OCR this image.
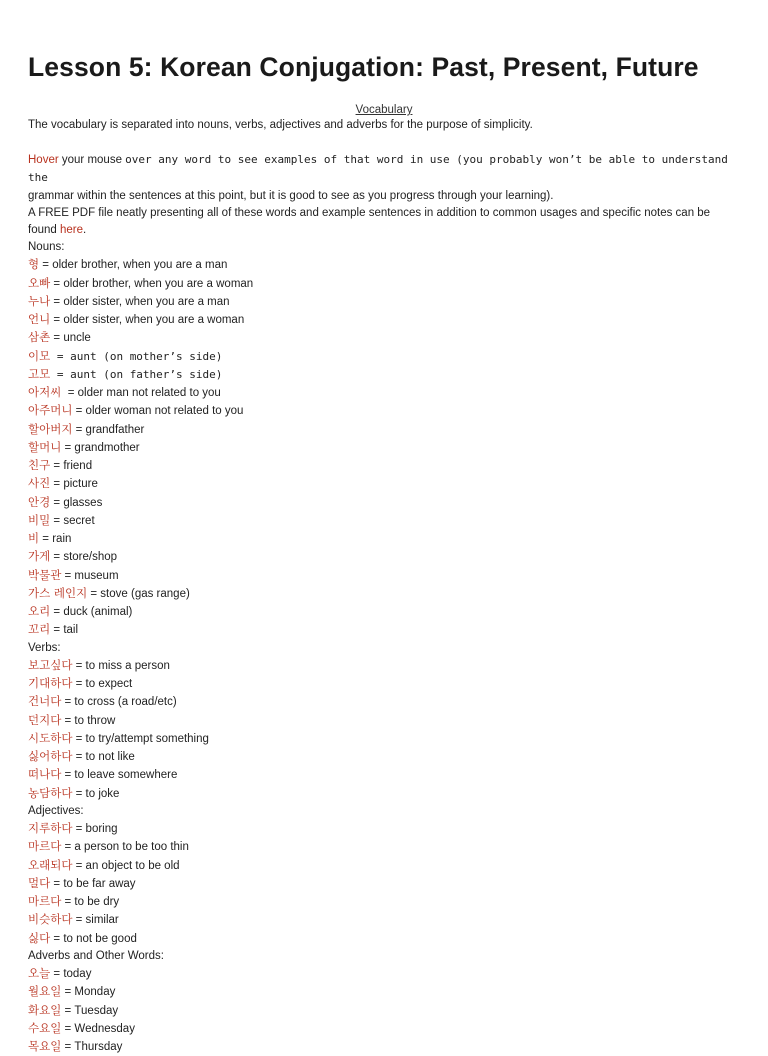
Lesson 5: Korean Conjugation: Past, Present, Future
Vocabulary
The vocabulary is separated into nouns, verbs, adjectives and adverbs for the purpose of simplicity.
Hover your mouse over any word to see examples of that word in use (you probably won’t be able to understand the
grammar within the sentences at this point, but it is good to see as you progress through your learning).
A FREE PDF file neatly presenting all of these words and example sentences in addition to common usages and specific notes can be found here.
Nouns:
형 = older brother, when you are a man
오빠 = older brother, when you are a woman
누나 = older sister, when you are a man
언니 = older sister, when you are a woman
삼촌 = uncle
이모 = aunt (on mother’s side)
고모 = aunt (on father’s side)
아저씨  = older man not related to you
아주머니 = older woman not related to you
할아버지 = grandfather
할머니 = grandmother
친구 = friend
사진 = picture
안경 = glasses
비밀 = secret
비 = rain
가게 = store/shop
박물관 = museum
가스 레인지 = stove (gas range)
오리 = duck (animal)
꼬리 = tail
Verbs:
보고싶다 = to miss a person
기대하다 = to expect
건너다 = to cross (a road/etc)
던지다 = to throw
시도하다 = to try/attempt something
싫어하다 = to not like
떠나다 = to leave somewhere
농담하다 = to joke
Adjectives:
지루하다 = boring
마르다 = a person to be too thin
오래되다 = an object to be old
멀다 = to be far away
마르다 = to be dry
비슷하다 = similar
싫다 = to not be good
Adverbs and Other Words:
오늘 = today
월요일 = Monday
화요일 = Tuesday
수요일 = Wednesday
목요일 = Thursday
